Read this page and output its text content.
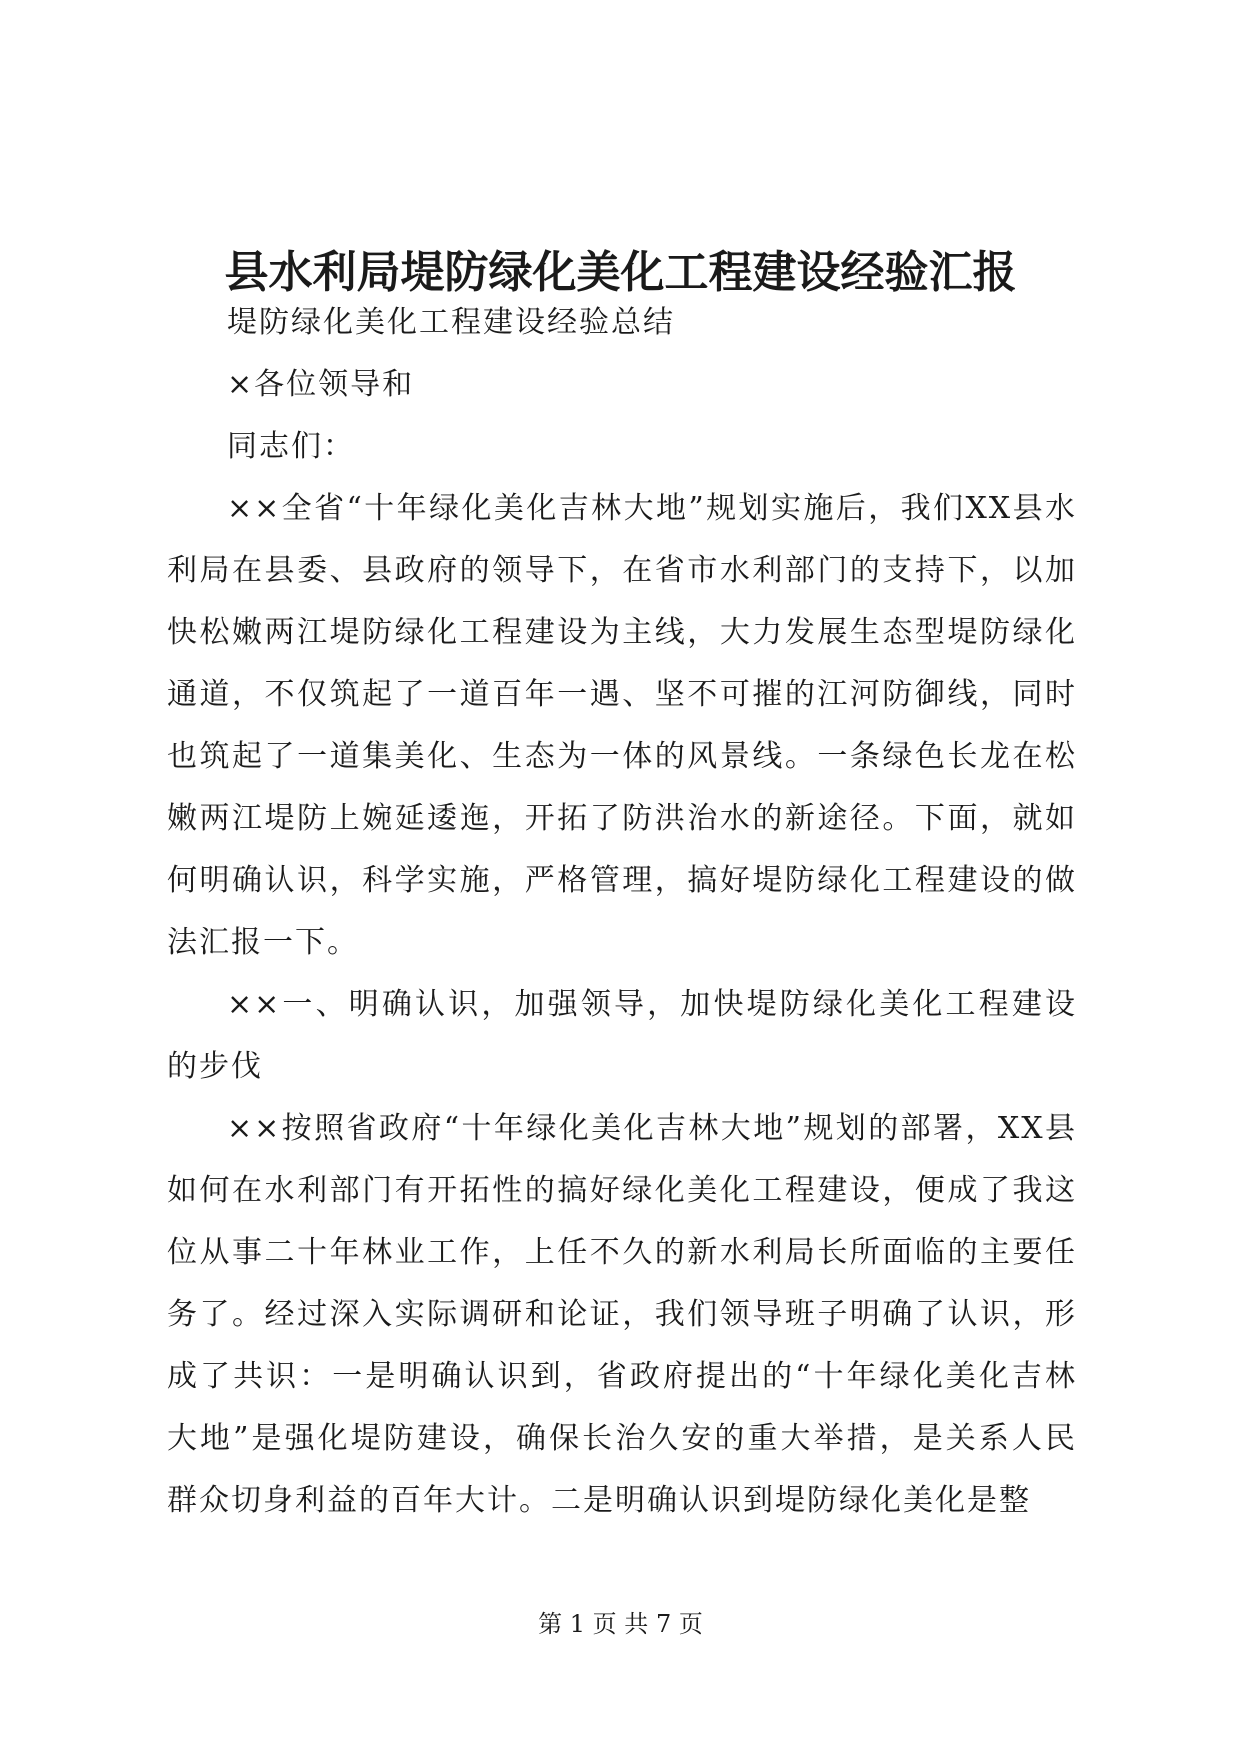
县水利局堤防绿化美化工程建设经验汇报

堤防绿化美化工程建设经验总结

×各位领导和

同志们：

××全省“十年绿化美化吉林大地”规划实施后，我们XX县水利局在县委、县政府的领导下，在省市水利部门的支持下，以加快松嫩两江堤防绿化工程建设为主线，大力发展生态型堤防绿化通道，不仅筑起了一道百年一遇、坚不可摧的江河防御线，同时也筑起了一道集美化、生态为一体的风景线。一条绿色长龙在松嫩两江堤防上婉延逶迤，开拓了防洪治水的新途径。下面，就如何明确认识，科学实施，严格管理，搞好堤防绿化工程建设的做法汇报一下。

××一、明确认识，加强领导，加快堤防绿化美化工程建设的步伐

××按照省政府“十年绿化美化吉林大地”规划的部署，XX县如何在水利部门有开拓性的搞好绿化美化工程建设，便成了我这位从事二十年林业工作，上任不久的新水利局长所面临的主要任务了。经过深入实际调研和论证，我们领导班子明确了认识，形成了共识：一是明确认识到，省政府提出的“十年绿化美化吉林大地”是强化堤防建设，确保长治久安的重大举措，是关系人民群众切身利益的百年大计。二是明确认识到堤防绿化美化是整

第 1 页 共 7 页
